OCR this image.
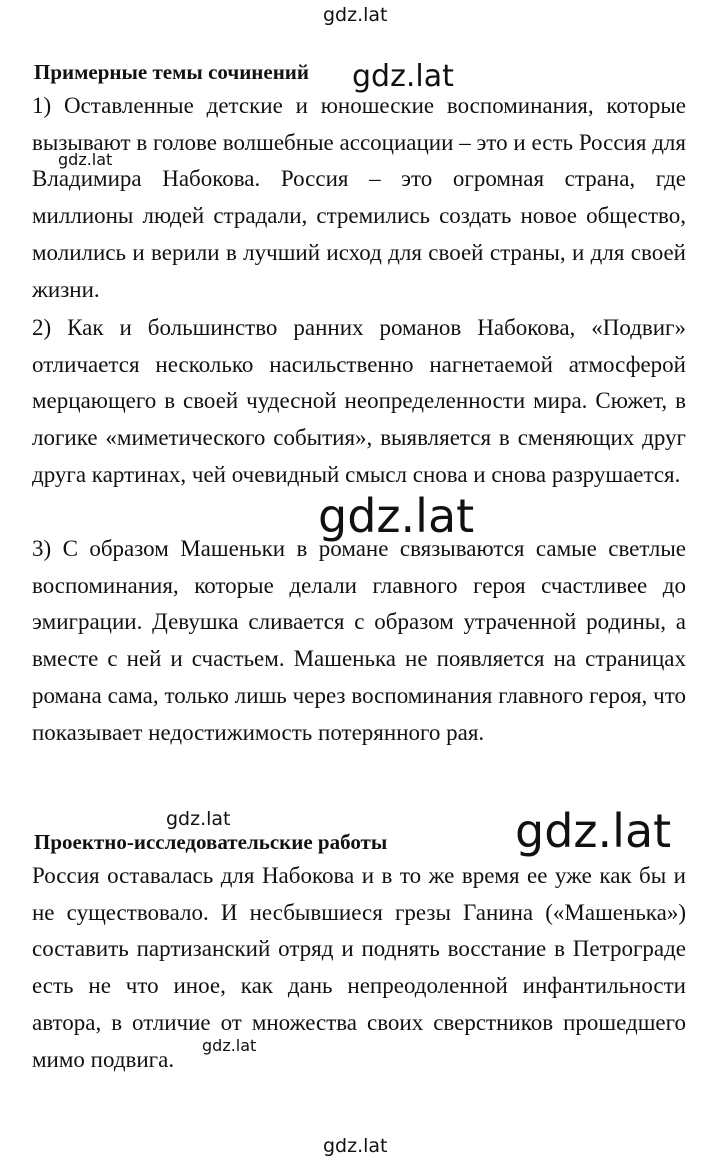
gdz.lat
gdz.lat
gdz.lat
gdz.lat
gdz.lat	gdz.lat
gdz.lat
gdz.lat
Примерные темы сочинений

1) Оставленные детские и юношеские воспоминания, которые вызывают в голове волшебные ассоциации – это и есть Россия для Владимира Набокова. Россия – это огромная страна, где миллионы людей страдали, стремились создать новое общество, молились и верили в лучший исход для своей страны, и для своей жизни.

2) Как и большинство ранних романов Набокова, «Подвиг» отличается несколько насильственно нагнетаемой атмосферой мерцающего в своей чудесной неопределенности мира. Сюжет, в логике «миметического события», выявляется в сменяющих друг друга картинах, чей очевидный смысл снова и снова разрушается.

3) С образом Машеньки в романе связываются самые светлые воспоминания, которые делали главного героя счастливее до эмиграции. Девушка сливается с образом утраченной родины, а вместе с ней и счастьем. Машенька не появляется на страницах романа сама, только лишь через воспоминания главного героя, что показывает недостижимость потерянного рая.

Проектно-исследовательские работы

Россия оставалась для Набокова и в то же время ее уже как бы и не существовало. И несбывшиеся грезы Ганина («Машенька») составить партизанский отряд и поднять восстание в Петрограде есть не что иное, как дань непреодоленной инфантильности автора, в отличие от множества своих сверстников прошедшего мимо подвига.
